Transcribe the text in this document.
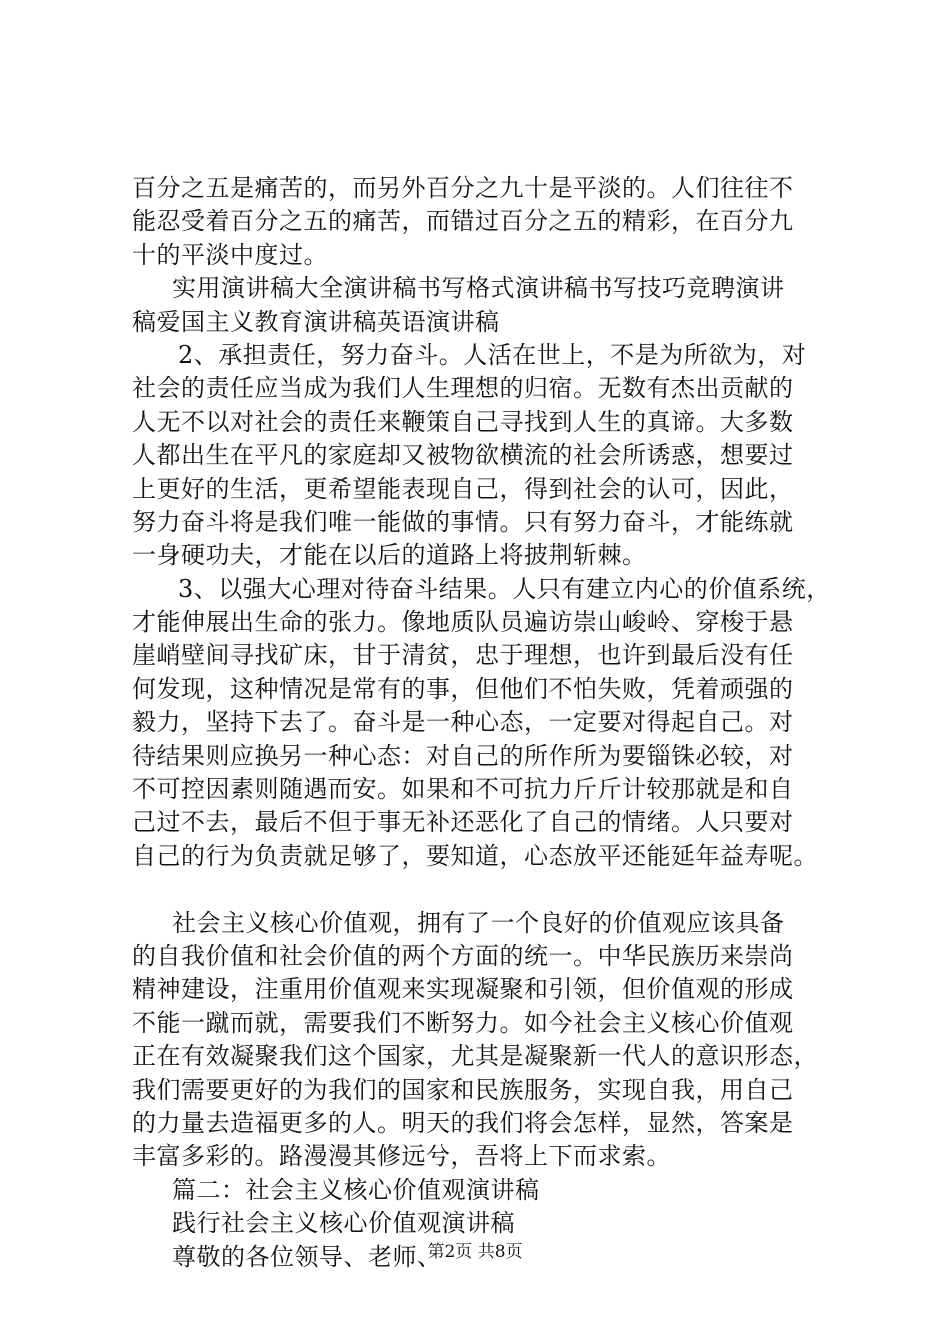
百分之五是痛苦的，而另外百分之九十是平淡的。人们往往不
能忍受着百分之五的痛苦，而错过百分之五的精彩，在百分九
十的平淡中度过。
实用演讲稿大全演讲稿书写格式演讲稿书写技巧竞聘演讲
稿爱国主义教育演讲稿英语演讲稿
2、承担责任，努力奋斗。人活在世上，不是为所欲为，对
社会的责任应当成为我们人生理想的归宿。无数有杰出贡献的
人无不以对社会的责任来鞭策自己寻找到人生的真谛。大多数
人都出生在平凡的家庭却又被物欲横流的社会所诱惑，想要过
上更好的生活，更希望能表现自己，得到社会的认可，因此，
努力奋斗将是我们唯一能做的事情。只有努力奋斗，才能练就
一身硬功夫，才能在以后的道路上将披荆斩棘。
3、以强大心理对待奋斗结果。人只有建立内心的价值系统，
才能伸展出生命的张力。像地质队员遍访崇山峻岭、穿梭于悬
崖峭壁间寻找矿床，甘于清贫，忠于理想，也许到最后没有任
何发现，这种情况是常有的事，但他们不怕失败，凭着顽强的
毅力，坚持下去了。奋斗是一种心态，一定要对得起自己。对
待结果则应换另一种心态：对自己的所作所为要锱铢必较，对
不可控因素则随遇而安。如果和不可抗力斤斤计较那就是和自
己过不去，最后不但于事无补还恶化了自己的情绪。人只要对
自己的行为负责就足够了，要知道，心态放平还能延年益寿呢。
社会主义核心价值观，拥有了一个良好的价值观应该具备
的自我价值和社会价值的两个方面的统一。中华民族历来崇尚
精神建设，注重用价值观来实现凝聚和引领，但价值观的形成
不能一蹴而就，需要我们不断努力。如今社会主义核心价值观
正在有效凝聚我们这个国家，尤其是凝聚新一代人的意识形态，
我们需要更好的为我们的国家和民族服务，实现自我，用自己
的力量去造福更多的人。明天的我们将会怎样，显然，答案是
丰富多彩的。路漫漫其修远兮，吾将上下而求索。
篇二：社会主义核心价值观演讲稿
践行社会主义核心价值观演讲稿
尊敬的各位领导、老师、
第2页 共8页
